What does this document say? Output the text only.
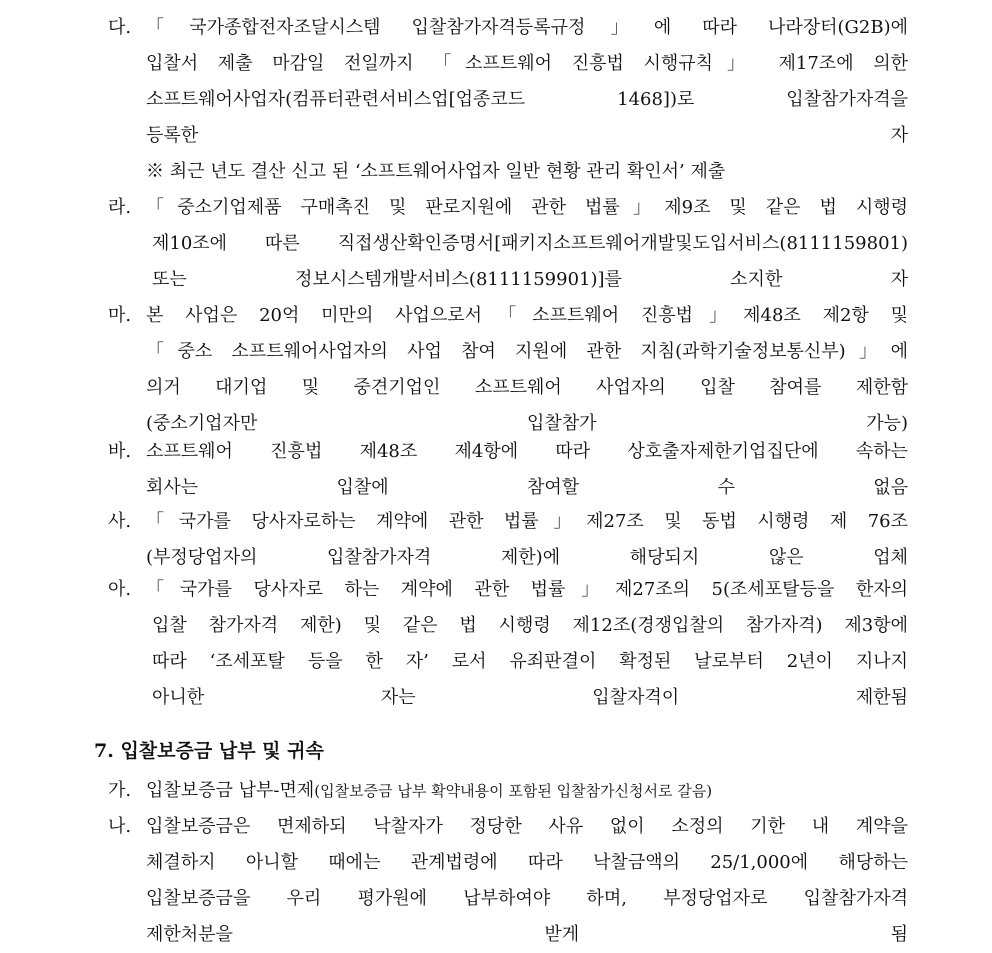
다. 「국가종합전자조달시스템 입찰참가자격등록규정」에 따라 나라장터(G2B)에
입찰서 제출 마감일 전일까지 「소프트웨어 진흥법 시행규칙」 제17조에 의한
소프트웨어사업자(컴퓨터관련서비스업[업종코드 1468])로 입찰참가자격을
등록한 자
※ 최근 년도 결산 신고 된 ‘소프트웨어사업자 일반 현황 관리 확인서’ 제출
라. 「중소기업제품 구매촉진 및 판로지원에 관한 법률」제9조 및 같은 법 시행령
제10조에 따른 직접생산확인증명서[패키지소프트웨어개발및도입서비스(8111159801)
또는 정보시스템개발서비스(8111159901)]를 소지한 자
마. 본 사업은 20억 미만의 사업으로서「소프트웨어 진흥법」제48조 제2항 및
「중소 소프트웨어사업자의 사업 참여 지원에 관한 지침(과학기술정보통신부)」에
의거 대기업 및 중견기업인 소프트웨어 사업자의 입찰 참여를 제한함
(중소기업자만 입찰참가 가능)
바. 소프트웨어 진흥법 제48조 제4항에 따라 상호출자제한기업집단에 속하는
회사는 입찰에 참여할 수 없음
사. 「국가를 당사자로하는 계약에 관한 법률」제27조 및 동법 시행령 제 76조
(부정당업자의 입찰참가자격 제한)에 해당되지 않은 업체
아. 「국가를 당사자로 하는 계약에 관한 법률」제27조의 5(조세포탈등을 한자의
입찰 참가자격 제한) 및 같은 법 시행령 제12조(경쟁입찰의 참가자격) 제3항에
따라 ‘조세포탈 등을 한 자’ 로서 유죄판결이 확정된 날로부터 2년이 지나지
아니한 자는 입찰자격이 제한됨
7. 입찰보증금 납부 및 귀속
가. 입찰보증금 납부-면제(입찰보증금 납부 확약내용이 포함된 입찰참가신청서로 갈음)
나. 입찰보증금은 면제하되 낙찰자가 정당한 사유 없이 소정의 기한 내 계약을
체결하지 아니할 때에는 관계법령에 따라 낙찰금액의 25/1,000에 해당하는
입찰보증금을 우리 평가원에 납부하여야 하며, 부정당업자로 입찰참가자격
제한처분을 받게 됨
